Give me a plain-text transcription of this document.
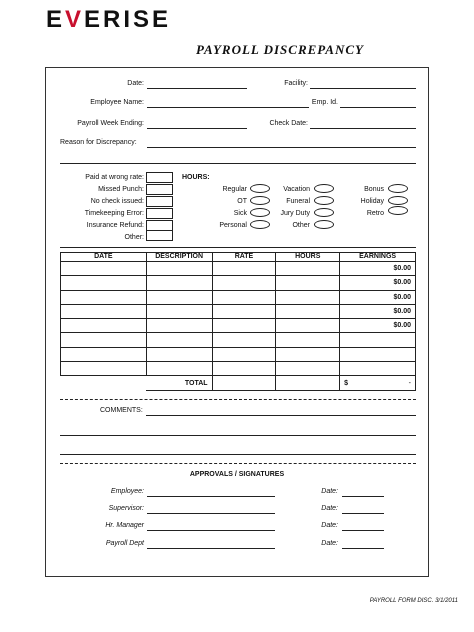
EVERISE
PAYROLL DISCREPANCY
Date:	Facility:
Employee Name:	Emp. Id.
Payroll Week Ending:	Check Date:
Reason for Discrepancy:
Paid at wrong rate:
Missed Punch:
No check issued:
Timekeeping Error:
Insurance Refund:
Other:
HOURS:
Regular
OT
Sick
Personal
Vacation
Funeral
Jury Duty
Other
Bonus
Holiday
Retro
DATE	DESCRIPTION	RATE	HOURS	EARNINGS
				$0.00
				$0.00
				$0.00
				$0.00
				$0.00

	TOTAL			$ -
COMMENTS:
APPROVALS / SIGNATURES
Employee:	Date:
Supervisor:	Date:
Hr. Manager	Date:
Payroll Dept	Date:
PAYROLL FORM DISC. 3/1/2011
